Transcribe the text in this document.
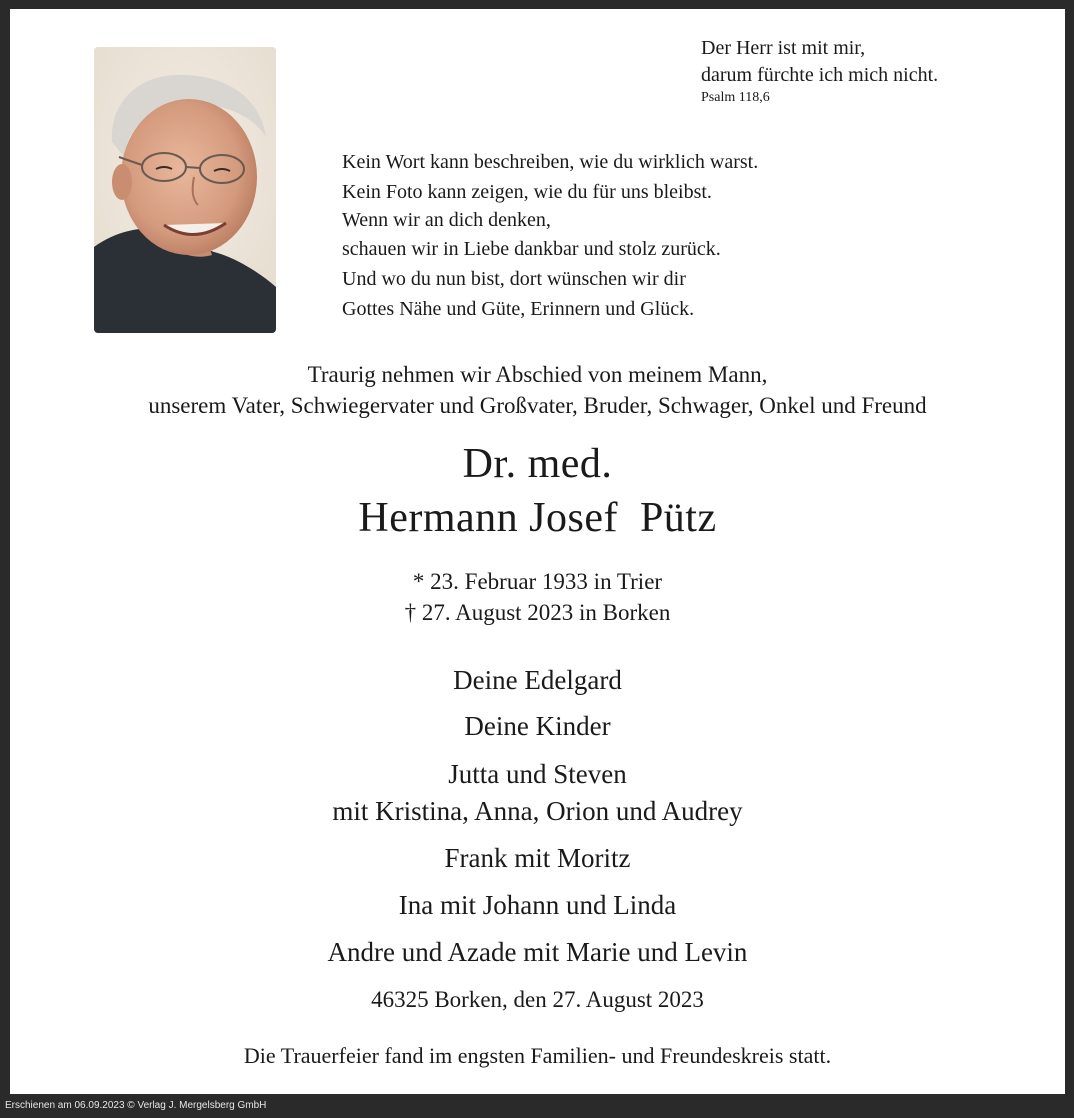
Der Herr ist mit mir,
darum fürchte ich mich nicht.
Psalm 118,6
Kein Wort kann beschreiben, wie du wirklich warst.
Kein Foto kann zeigen, wie du für uns bleibst.
Wenn wir an dich denken,
schauen wir in Liebe dankbar und stolz zurück.
Und wo du nun bist, dort wünschen wir dir
Gottes Nähe und Güte, Erinnern und Glück.
Traurig nehmen wir Abschied von meinem Mann,
unserem Vater, Schwiegervater und Großvater, Bruder, Schwager, Onkel und Freund
Dr. med.
Hermann Josef  Pütz
* 23. Februar 1933 in Trier
† 27. August 2023 in Borken
Deine Edelgard
Deine Kinder
Jutta und Steven
mit Kristina, Anna, Orion und Audrey
Frank mit Moritz
Ina mit Johann und Linda
Andre und Azade mit Marie und Levin
46325 Borken, den 27. August 2023
Die Trauerfeier fand im engsten Familien- und Freundeskreis statt.
Erschienen am 06.09.2023 © Verlag J. Mergelsberg GmbH
